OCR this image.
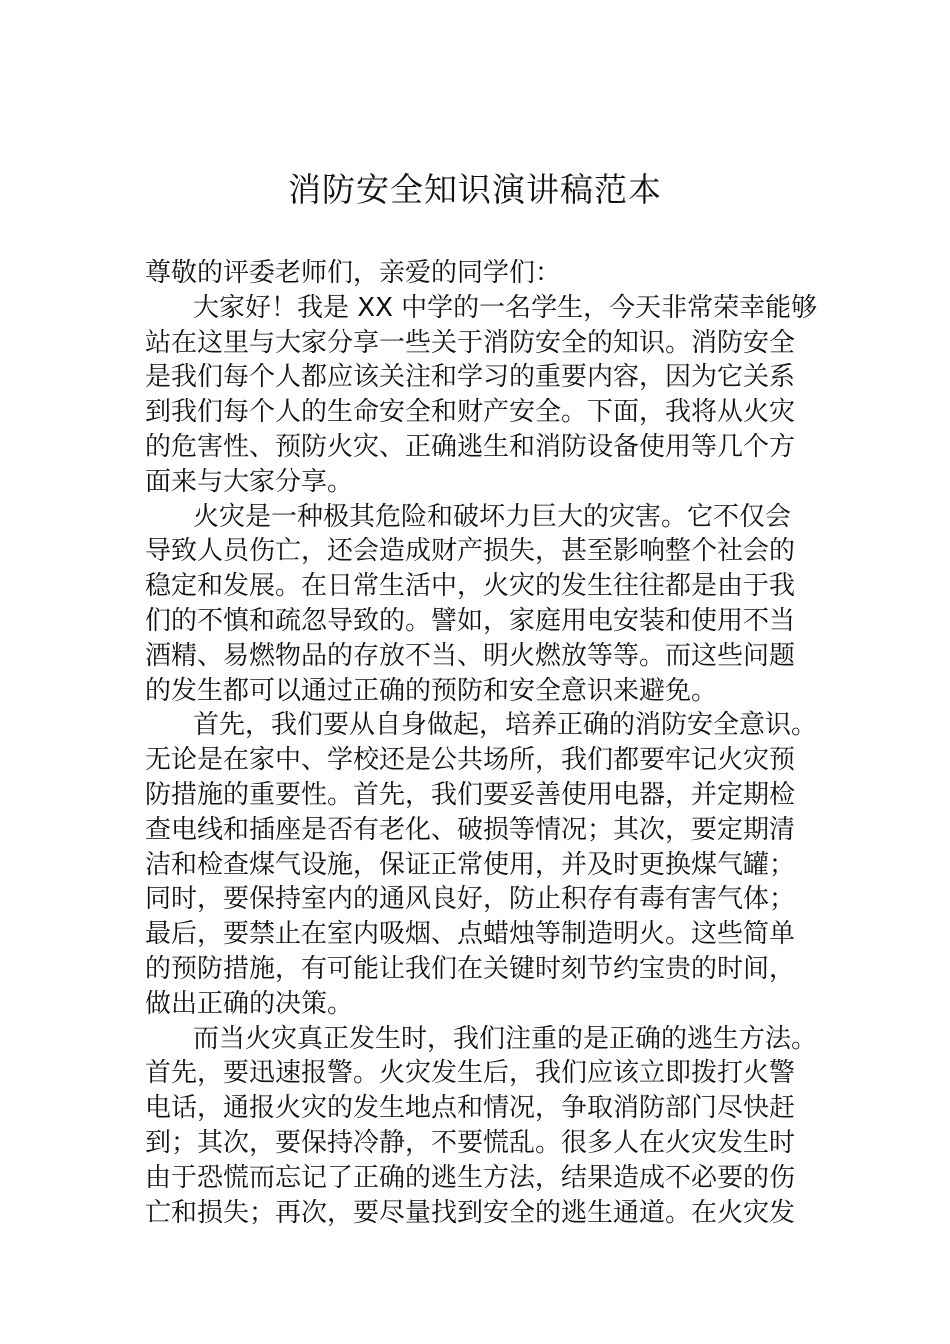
消防安全知识演讲稿范本
尊敬的评委老师们，亲爱的同学们：
大家好！我是 XX 中学的一名学生，今天非常荣幸能够
站在这里与大家分享一些关于消防安全的知识。消防安全
是我们每个人都应该关注和学习的重要内容，因为它关系
到我们每个人的生命安全和财产安全。下面，我将从火灾
的危害性、预防火灾、正确逃生和消防设备使用等几个方
面来与大家分享。
火灾是一种极其危险和破坏力巨大的灾害。它不仅会
导致人员伤亡，还会造成财产损失，甚至影响整个社会的
稳定和发展。在日常生活中，火灾的发生往往都是由于我
们的不慎和疏忽导致的。譬如，家庭用电安装和使用不当
酒精、易燃物品的存放不当、明火燃放等等。而这些问题
的发生都可以通过正确的预防和安全意识来避免。
首先，我们要从自身做起，培养正确的消防安全意识。
无论是在家中、学校还是公共场所，我们都要牢记火灾预
防措施的重要性。首先，我们要妥善使用电器，并定期检
查电线和插座是否有老化、破损等情况；其次，要定期清
洁和检查煤气设施，保证正常使用，并及时更换煤气罐；
同时，要保持室内的通风良好，防止积存有毒有害气体；
最后，要禁止在室内吸烟、点蜡烛等制造明火。这些简单
的预防措施，有可能让我们在关键时刻节约宝贵的时间，
做出正确的决策。
而当火灾真正发生时，我们注重的是正确的逃生方法。
首先，要迅速报警。火灾发生后，我们应该立即拨打火警
电话，通报火灾的发生地点和情况，争取消防部门尽快赶
到；其次，要保持冷静，不要慌乱。很多人在火灾发生时
由于恐慌而忘记了正确的逃生方法，结果造成不必要的伤
亡和损失；再次，要尽量找到安全的逃生通道。在火灾发
